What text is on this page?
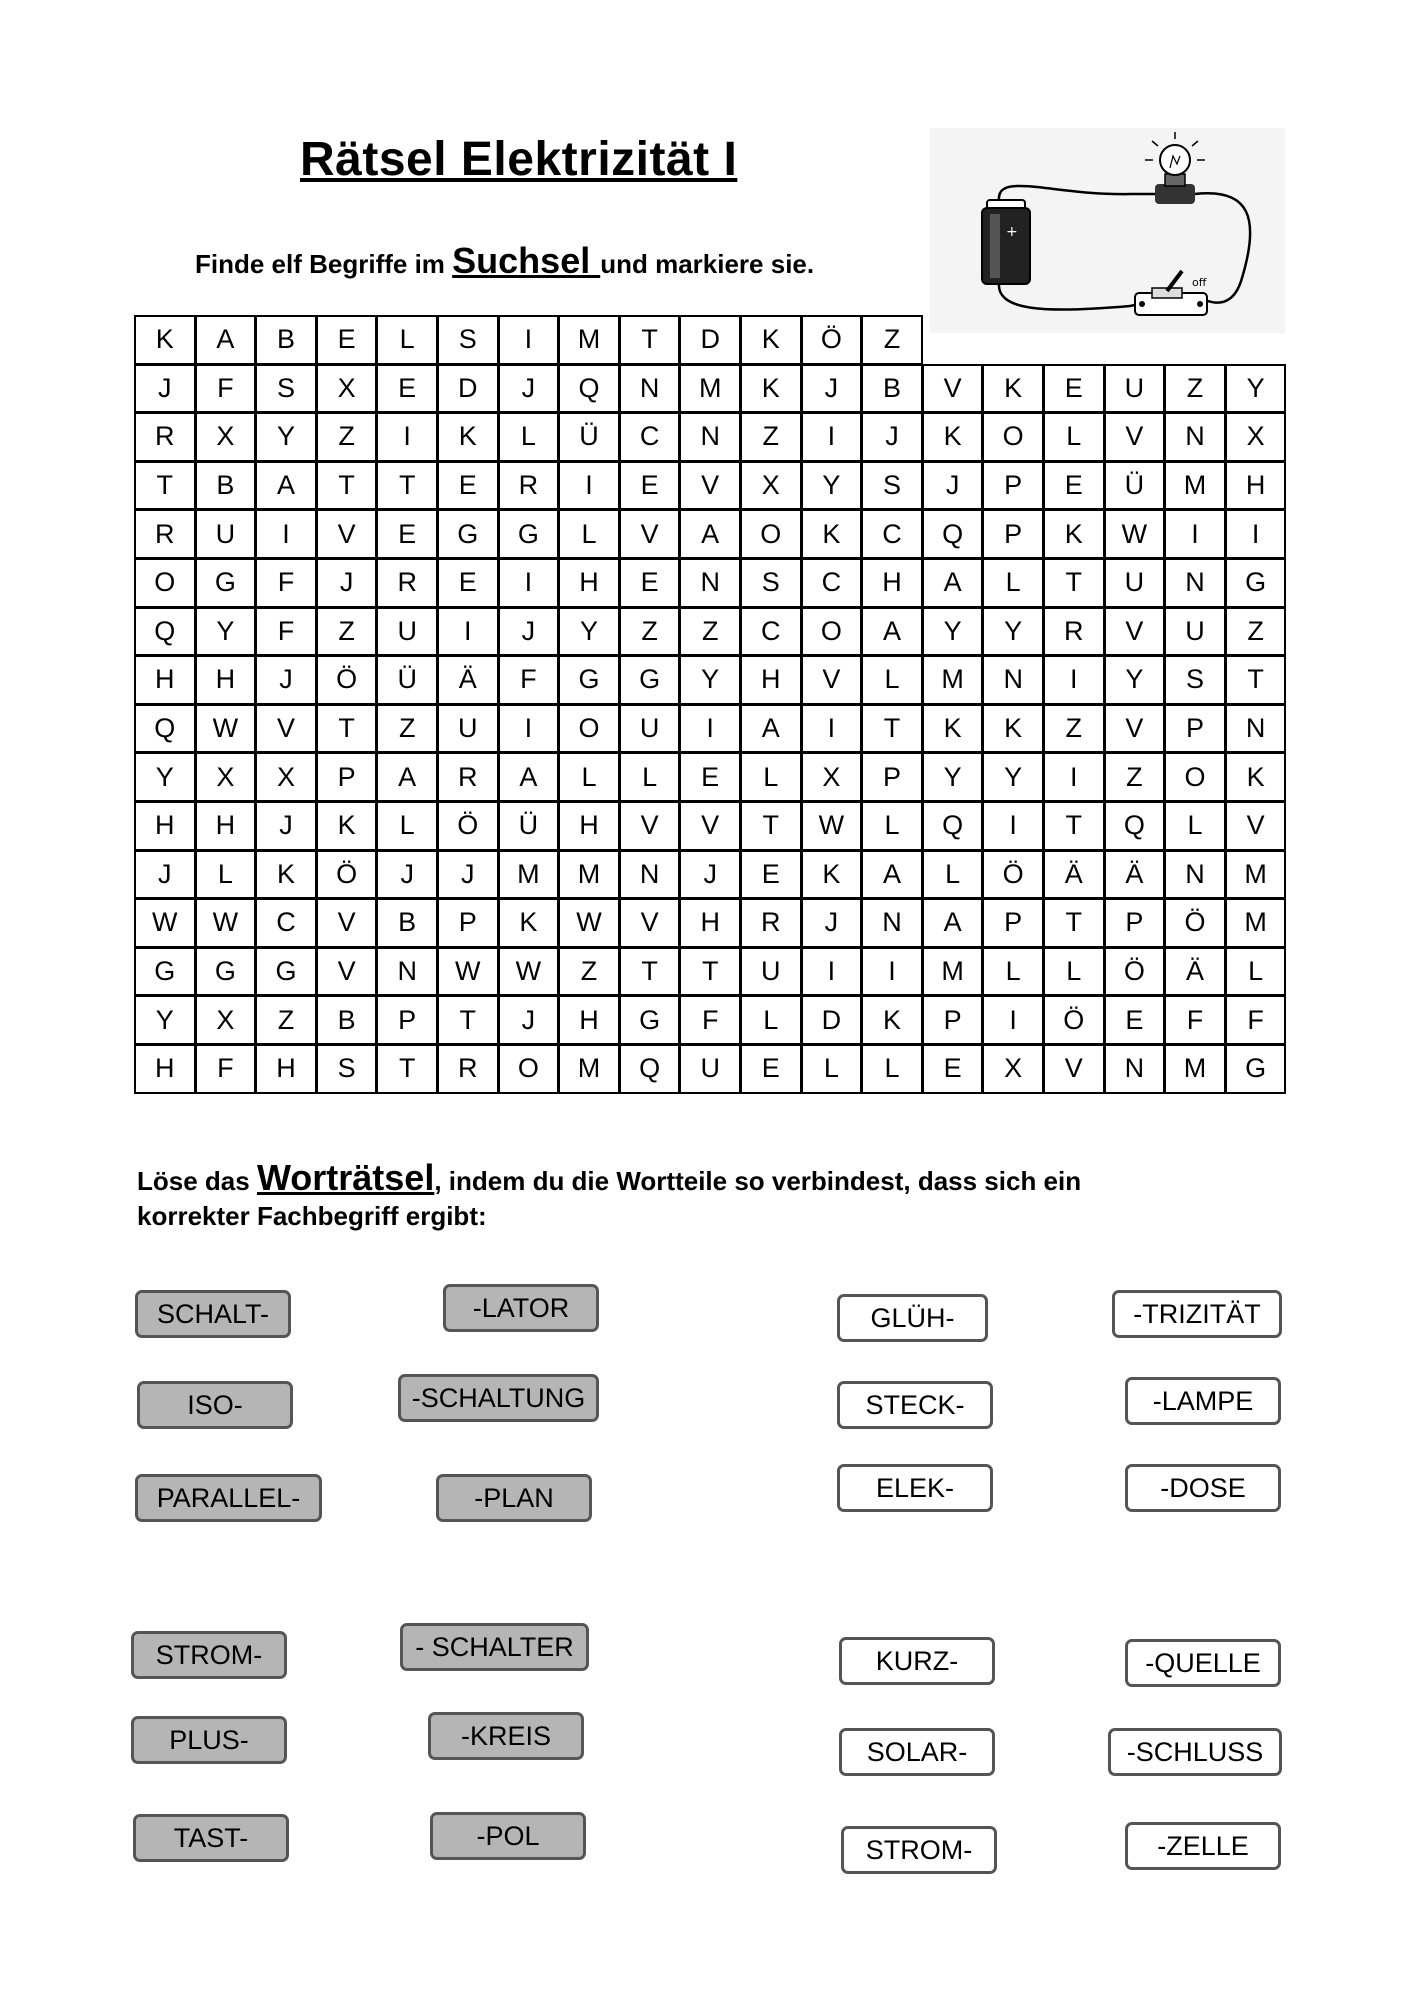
Rätsel Elektrizität I
Finde elf Begriffe im Suchsel und markiere sie.
+
off
K	A	B	E	L	S	I	M	T	D	K	Ö	Z
J	F	S	X	E	D	J	Q	N	M	K	J	B	V	K	E	U	Z	Y
R	X	Y	Z	I	K	L	Ü	C	N	Z	I	J	K	O	L	V	N	X
T	B	A	T	T	E	R	I	E	V	X	Y	S	J	P	E	Ü	M	H
R	U	I	V	E	G	G	L	V	A	O	K	C	Q	P	K	W	I	I
O	G	F	J	R	E	I	H	E	N	S	C	H	A	L	T	U	N	G
Q	Y	F	Z	U	I	J	Y	Z	Z	C	O	A	Y	Y	R	V	U	Z
H	H	J	Ö	Ü	Ä	F	G	G	Y	H	V	L	M	N	I	Y	S	T
Q	W	V	T	Z	U	I	O	U	I	A	I	T	K	K	Z	V	P	N
Y	X	X	P	A	R	A	L	L	E	L	X	P	Y	Y	I	Z	O	K
H	H	J	K	L	Ö	Ü	H	V	V	T	W	L	Q	I	T	Q	L	V
J	L	K	Ö	J	J	M	M	N	J	E	K	A	L	Ö	Ä	Ä	N	M
W	W	C	V	B	P	K	W	V	H	R	J	N	A	P	T	P	Ö	M
G	G	G	V	N	W	W	Z	T	T	U	I	I	M	L	L	Ö	Ä	L
Y	X	Z	B	P	T	J	H	G	F	L	D	K	P	I	Ö	E	F	F
H	F	H	S	T	R	O	M	Q	U	E	L	L	E	X	V	N	M	G
Löse das Worträtsel, indem du die Wortteile so verbindest, dass sich ein
korrekter Fachbegriff ergibt:
SCHALT-	-LATOR
ISO-	-SCHALTUNG
PARALLEL-	-PLAN
STROM-	- SCHALTER
PLUS-	-KREIS
TAST-	-POL
GLÜH-	-TRIZITÄT
STECK-	-LAMPE
ELEK-	-DOSE
KURZ-	-QUELLE
SOLAR-	-SCHLUSS
STROM-	-ZELLE
